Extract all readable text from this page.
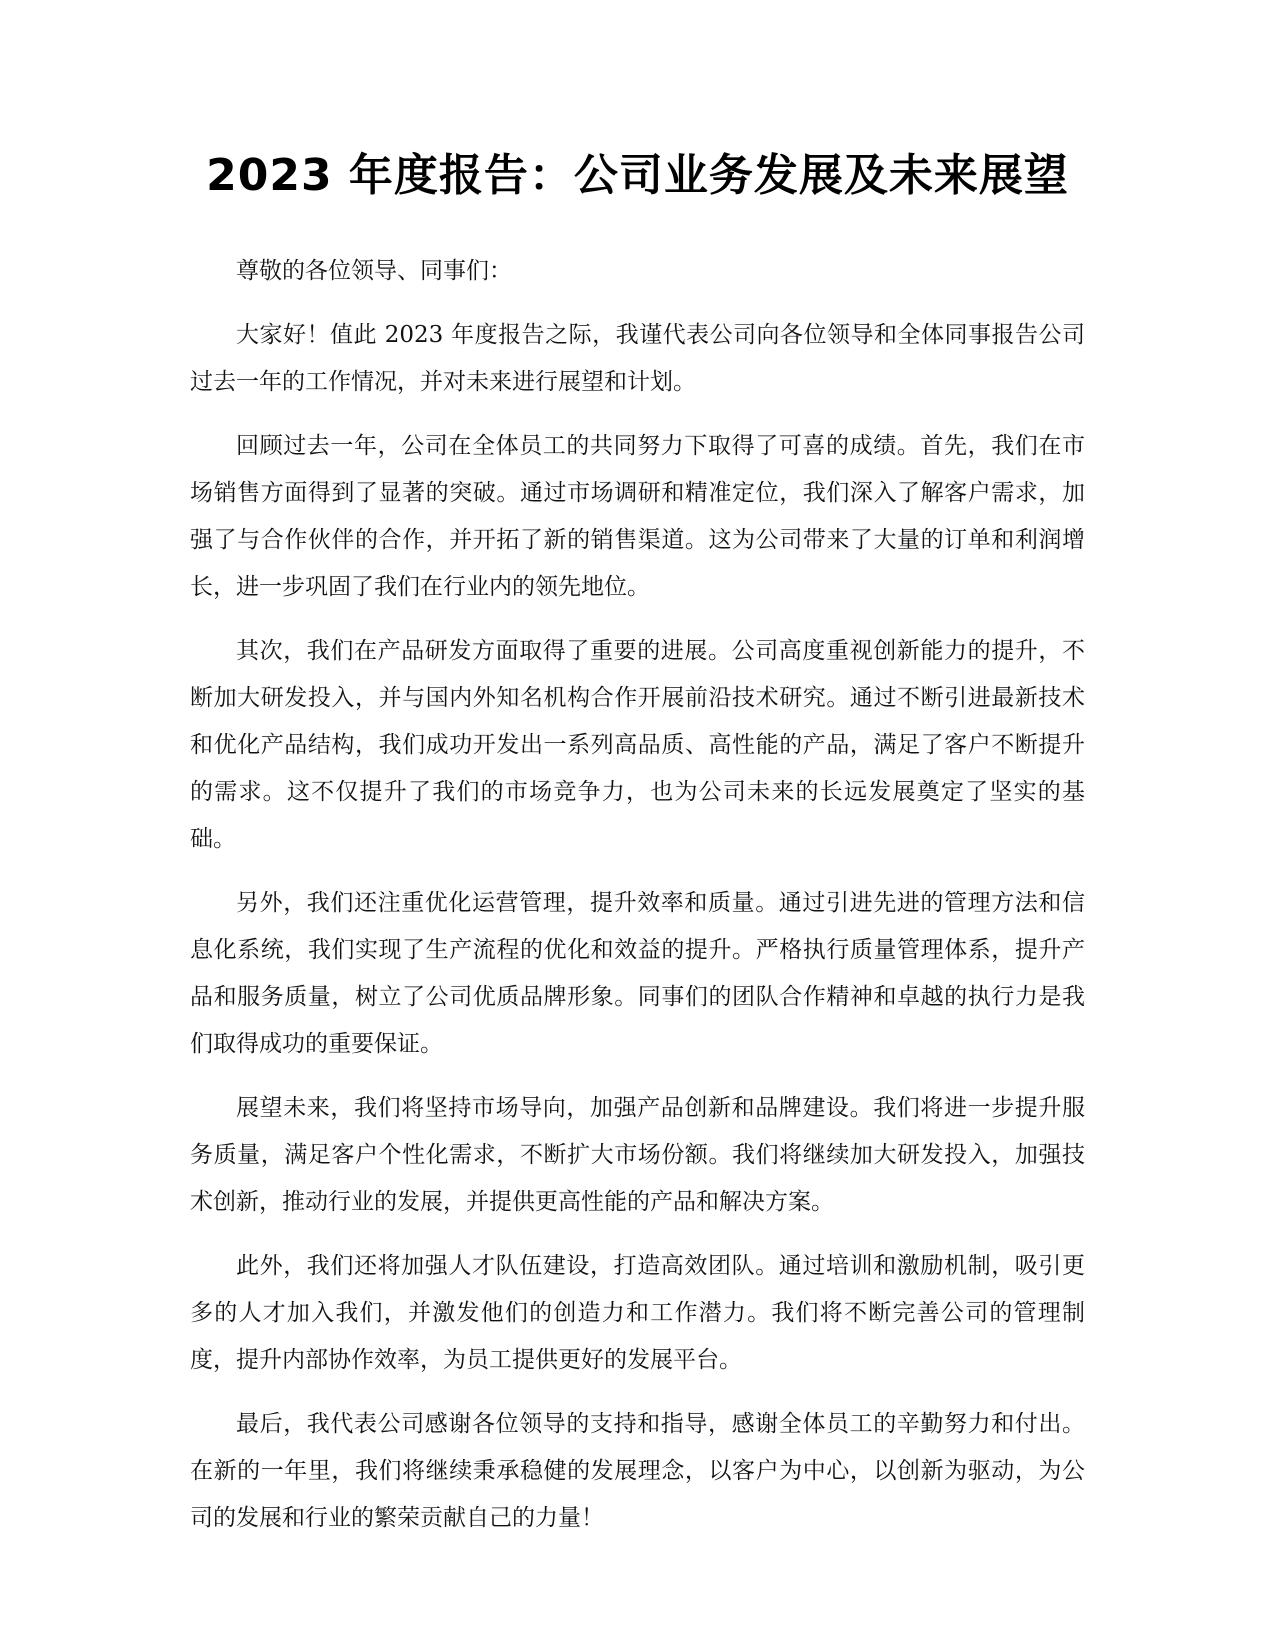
2023 年度报告：公司业务发展及未来展望

尊敬的各位领导、同事们：

大家好！值此 2023 年度报告之际，我谨代表公司向各位领导和全体同事报告公司过去一年的工作情况，并对未来进行展望和计划。

回顾过去一年，公司在全体员工的共同努力下取得了可喜的成绩。首先，我们在市场销售方面得到了显著的突破。通过市场调研和精准定位，我们深入了解客户需求，加强了与合作伙伴的合作，并开拓了新的销售渠道。这为公司带来了大量的订单和利润增长，进一步巩固了我们在行业内的领先地位。

其次，我们在产品研发方面取得了重要的进展。公司高度重视创新能力的提升，不断加大研发投入，并与国内外知名机构合作开展前沿技术研究。通过不断引进最新技术和优化产品结构，我们成功开发出一系列高品质、高性能的产品，满足了客户不断提升的需求。这不仅提升了我们的市场竞争力，也为公司未来的长远发展奠定了坚实的基础。

另外，我们还注重优化运营管理，提升效率和质量。通过引进先进的管理方法和信息化系统，我们实现了生产流程的优化和效益的提升。严格执行质量管理体系，提升产品和服务质量，树立了公司优质品牌形象。同事们的团队合作精神和卓越的执行力是我们取得成功的重要保证。

展望未来，我们将坚持市场导向，加强产品创新和品牌建设。我们将进一步提升服务质量，满足客户个性化需求，不断扩大市场份额。我们将继续加大研发投入，加强技术创新，推动行业的发展，并提供更高性能的产品和解决方案。

此外，我们还将加强人才队伍建设，打造高效团队。通过培训和激励机制，吸引更多的人才加入我们，并激发他们的创造力和工作潜力。我们将不断完善公司的管理制度，提升内部协作效率，为员工提供更好的发展平台。

最后，我代表公司感谢各位领导的支持和指导，感谢全体员工的辛勤努力和付出。在新的一年里，我们将继续秉承稳健的发展理念，以客户为中心，以创新为驱动，为公司的发展和行业的繁荣贡献自己的力量！
